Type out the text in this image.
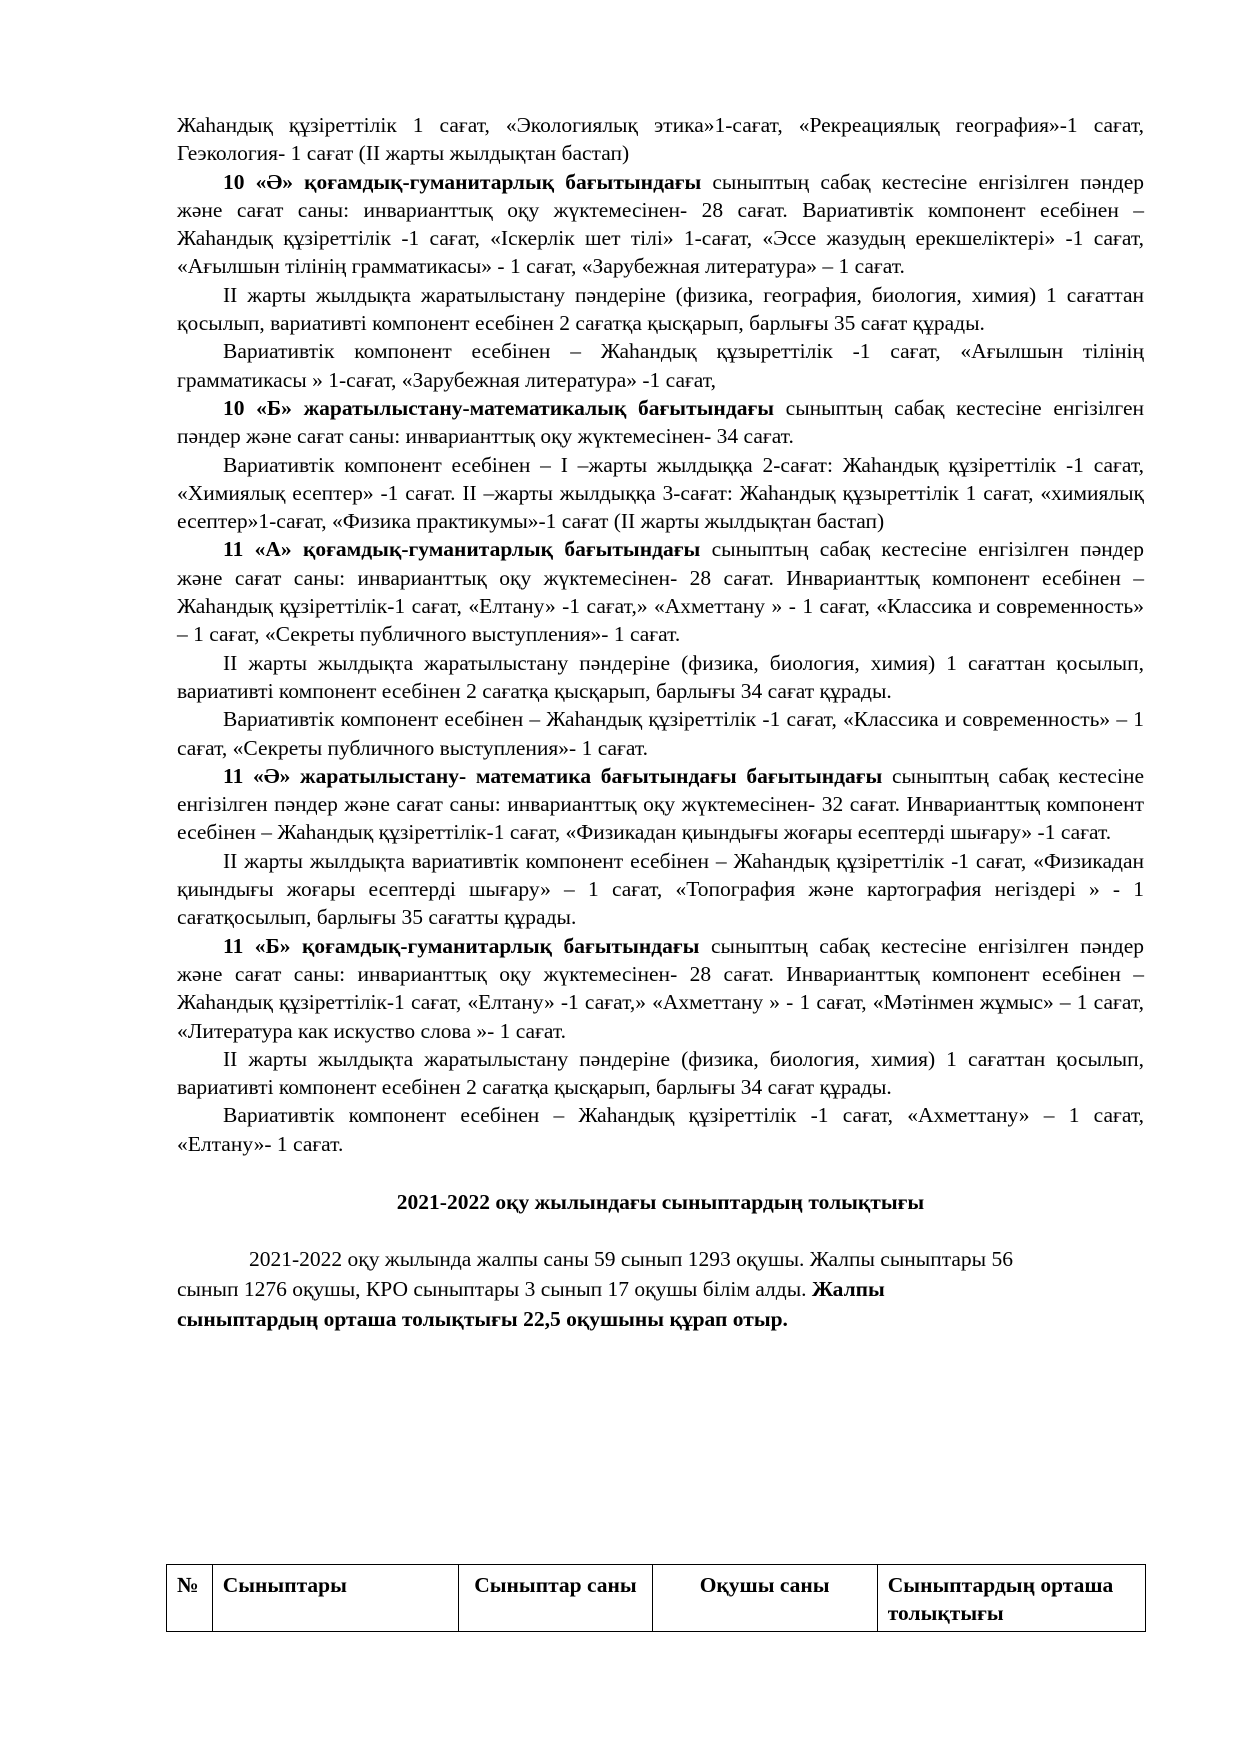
Жаһандық құзіреттілік 1 сағат, «Экологиялық этика»1-сағат, «Рекреациялық география»-1 сағат, Геэкология- 1 сағат (ІІ жарты жылдықтан бастап)

10 «Ә» қоғамдық-гуманитарлық бағытындағы сыныптың сабақ кестесіне енгізілген пәндер және сағат саны: инварианттық оқу жүктемесінен- 28 сағат. Вариативтік компонент есебінен – Жаһандық құзіреттілік -1 сағат, «Іскерлік шет тілі» 1-сағат, «Эссе жазудың ерекшеліктері» -1 сағат, «Ағылшын тілінің грамматикасы» - 1 сағат, «Зарубежная литература» – 1 сағат.

ІІ жарты жылдықта жаратылыстану пәндеріне (физика, география, биология, химия) 1 сағаттан қосылып, вариативті компонент есебінен 2 сағатқа қысқарып, барлығы 35 сағат құрады.

Вариативтік компонент есебінен – Жаһандық құзыреттілік -1 сағат, «Ағылшын тілінің грамматикасы » 1-сағат, «Зарубежная литература» -1 сағат,

10 «Б» жаратылыстану-математикалық бағытындағы сыныптың сабақ кестесіне енгізілген пәндер және сағат саны: инварианттық оқу жүктемесінен- 34 сағат.

Вариативтік компонент есебінен – І –жарты жылдыққа 2-сағат: Жаһандық құзіреттілік -1 сағат, «Химиялық есептер» -1 сағат. ІІ –жарты жылдыққа 3-сағат: Жаһандық құзыреттілік 1 сағат, «химиялық есептер»1-сағат, «Физика практикумы»-1 сағат (ІІ жарты жылдықтан бастап)

11 «А» қоғамдық-гуманитарлық бағытындағы сыныптың сабақ кестесіне енгізілген пәндер және сағат саны: инварианттық оқу жүктемесінен- 28 сағат. Инварианттық компонент есебінен – Жаһандық құзіреттілік-1 сағат, «Елтану» -1 сағат,» «Ахметтану » - 1 сағат, «Классика и современность» – 1 сағат, «Секреты публичного выступления»- 1 сағат.

ІІ жарты жылдықта жаратылыстану пәндеріне (физика, биология, химия) 1 сағаттан қосылып, вариативті компонент есебінен 2 сағатқа қысқарып, барлығы 34 сағат құрады.

Вариативтік компонент есебінен – Жаһандық құзіреттілік -1 сағат, «Классика и современность» – 1 сағат, «Секреты публичного выступления»- 1 сағат.

11 «Ә» жаратылыстану- математика бағытындағы бағытындағы сыныптың сабақ кестесіне енгізілген пәндер және сағат саны: инварианттық оқу жүктемесінен- 32 сағат. Инварианттық компонент есебінен – Жаһандық құзіреттілік-1 сағат, «Физикадан қиындығы жоғары есептерді шығару» -1 сағат.

ІІ жарты жылдықта вариативтік компонент есебінен – Жаһандық құзіреттілік -1 сағат, «Физикадан қиындығы жоғары есептерді шығару» – 1 сағат, «Топография және картография негіздері » - 1 сағатқосылып, барлығы 35 сағатты құрады.

11 «Б» қоғамдық-гуманитарлық бағытындағы сыныптың сабақ кестесіне енгізілген пәндер және сағат саны: инварианттық оқу жүктемесінен- 28 сағат. Инварианттық компонент есебінен – Жаһандық құзіреттілік-1 сағат, «Елтану» -1 сағат,» «Ахметтану » - 1 сағат, «Мәтінмен жұмыс» – 1 сағат, «Литература как искуство слова »- 1 сағат.

ІІ жарты жылдықта жаратылыстану пәндеріне (физика, биология, химия) 1 сағаттан қосылып, вариативті компонент есебінен 2 сағатқа қысқарып, барлығы 34 сағат құрады.

Вариативтік компонент есебінен – Жаһандық құзіреттілік -1 сағат, «Ахметтану» – 1 сағат, «Елтану»- 1 сағат.

2021-2022 оқу жылындағы сыныптардың толықтығы
2021-2022 оқу жылында жалпы саны 59 сынып 1293 оқушы. Жалпы сыныптары 56
сынып 1276 оқушы, КРО сыныптары 3 сынып 17 оқушы білім алды. Жалпы
сыныптардың орташа толықтығы 22,5 оқушыны құрап отыр.
№	Сыныптары	Сыныптар саны	Оқушы саны	Сыныптардың орташа толықтығы
